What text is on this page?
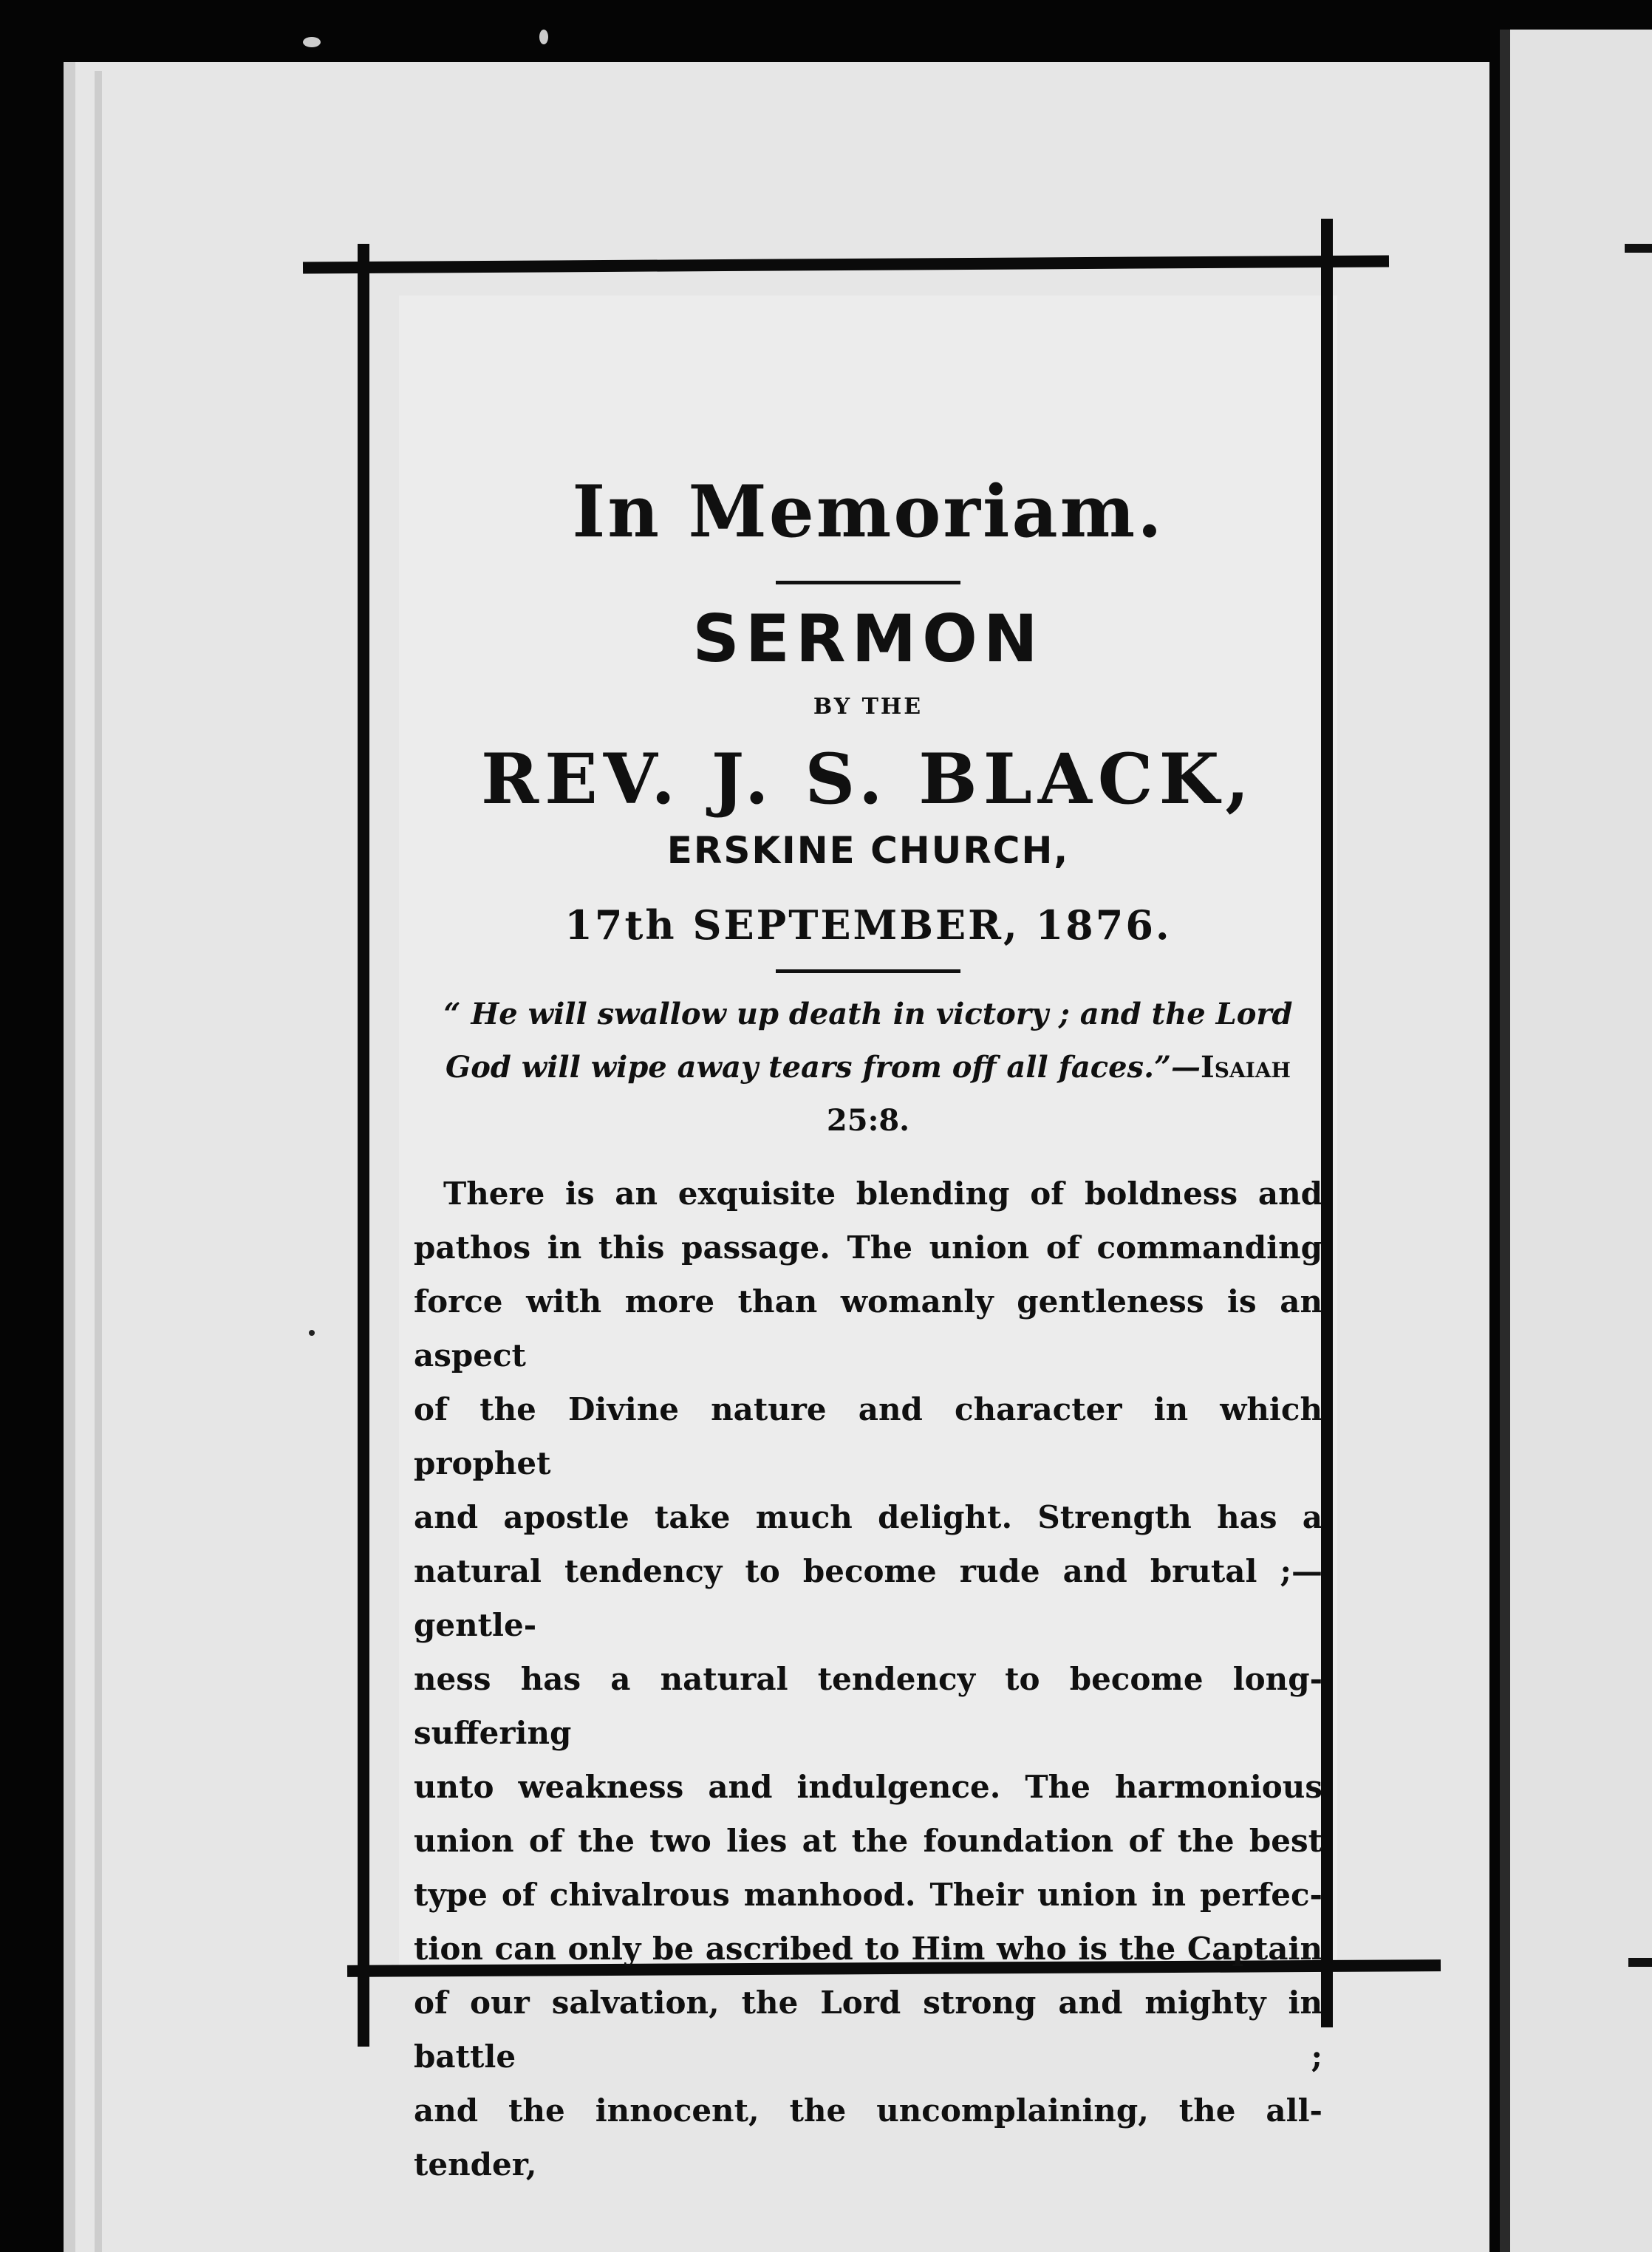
In Memoriam.
SERMON
BY THE
REV. J. S. BLACK,
ERSKINE CHURCH,
17th SEPTEMBER, 1876.
“ He will swallow up death in victory ; and the Lord God will wipe away tears from off all faces.”—Isaiah 25:8.
There is an exquisite blending of boldness and
pathos in this passage. The union of commanding
force with more than womanly gentleness is an aspect
of the Divine nature and character in which prophet
and apostle take much delight. Strength has a
natural tendency to become rude and brutal ;—gentle-
ness has a natural tendency to become long-suffering
unto weakness and indulgence. The harmonious
union of the two lies at the foundation of the best
type of chivalrous manhood. Their union in perfec-
tion can only be ascribed to Him who is the Captain
of our salvation, the Lord strong and mighty in battle ;
and the innocent, the uncomplaining, the all-tender,
